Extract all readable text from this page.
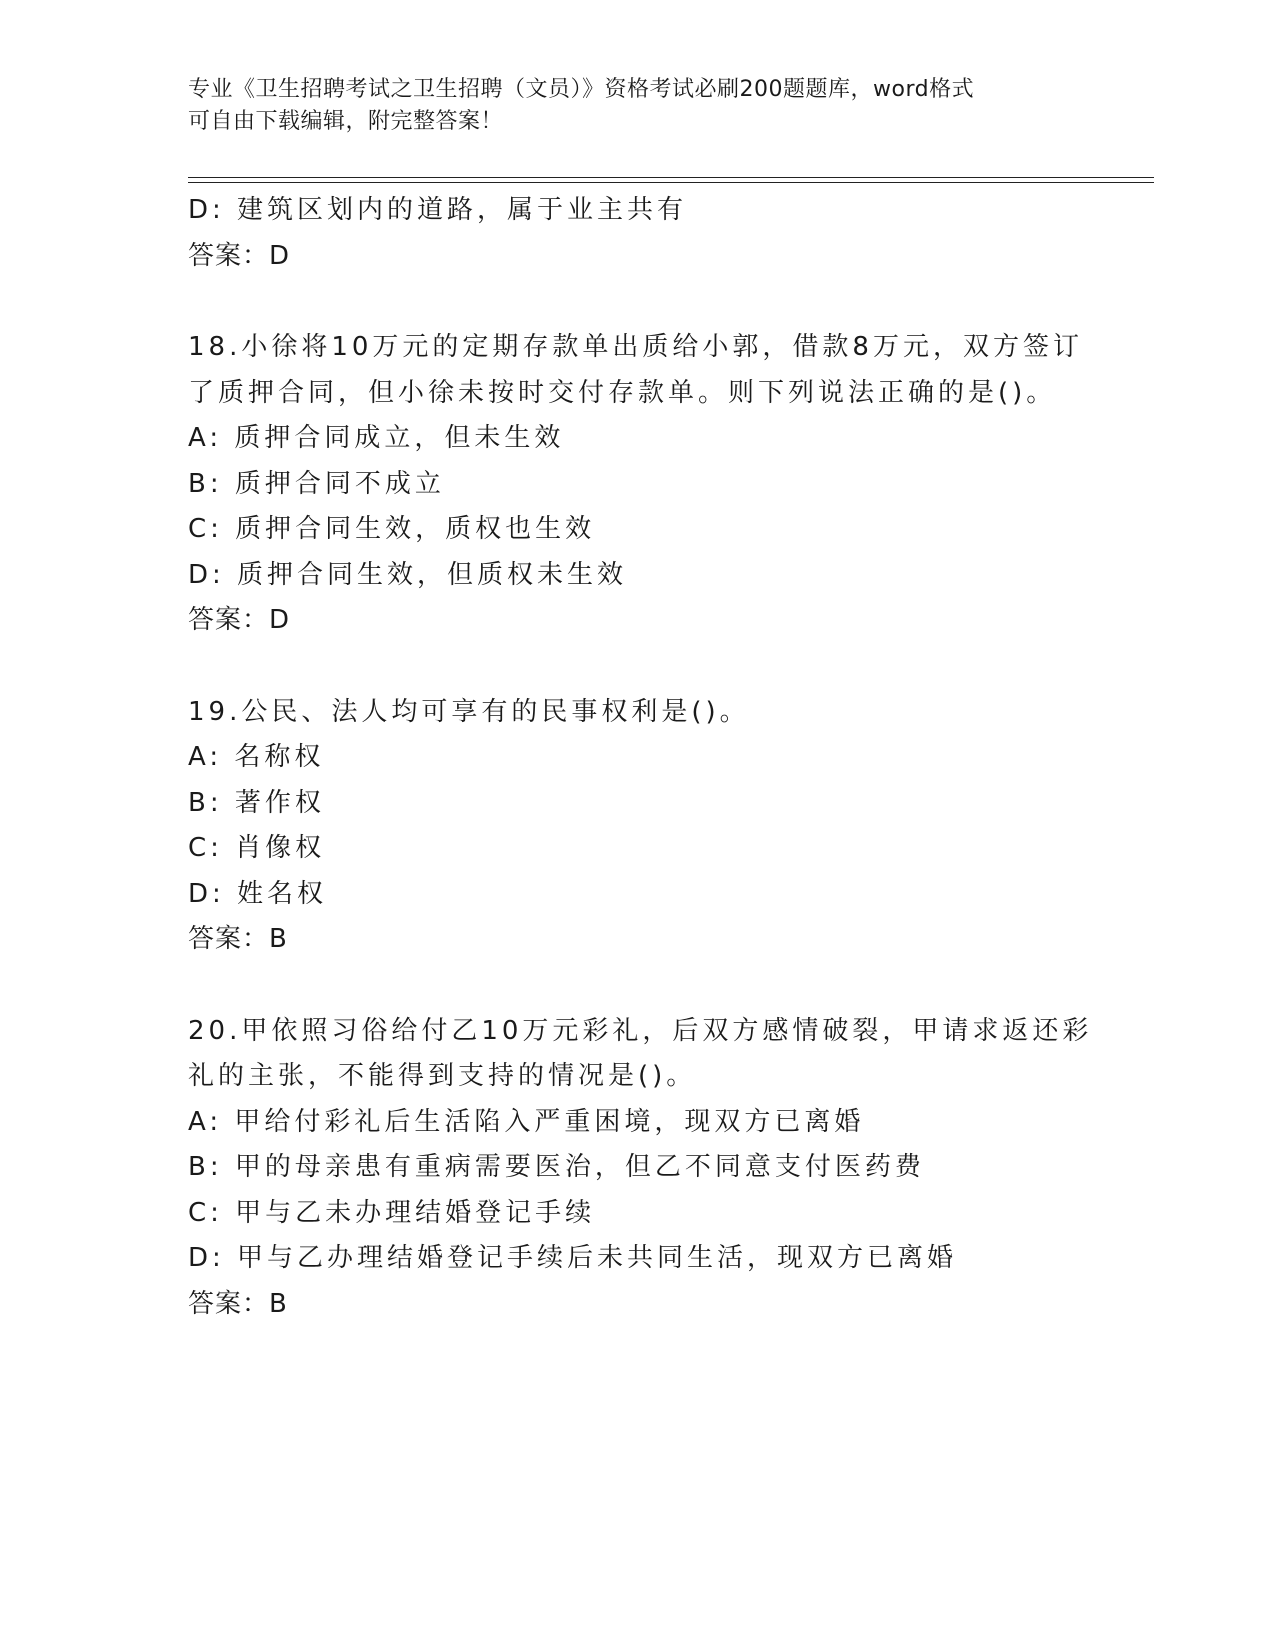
专业《卫生招聘考试之卫生招聘（文员）》资格考试必刷200题题库，word格式
可自由下载编辑，附完整答案！
D: 建筑区划内的道路，属于业主共有
答案：D
18.小徐将10万元的定期存款单出质给小郭，借款8万元，双方签订
了质押合同，但小徐未按时交付存款单。则下列说法正确的是()。
A: 质押合同成立，但未生效
B: 质押合同不成立
C: 质押合同生效，质权也生效
D: 质押合同生效，但质权未生效
答案：D
19.公民、法人均可享有的民事权利是()。
A: 名称权
B: 著作权
C: 肖像权
D: 姓名权
答案：B
20.甲依照习俗给付乙10万元彩礼，后双方感情破裂，甲请求返还彩
礼的主张，不能得到支持的情况是()。
A: 甲给付彩礼后生活陷入严重困境，现双方已离婚
B: 甲的母亲患有重病需要医治，但乙不同意支付医药费
C: 甲与乙未办理结婚登记手续
D: 甲与乙办理结婚登记手续后未共同生活，现双方已离婚
答案：B
